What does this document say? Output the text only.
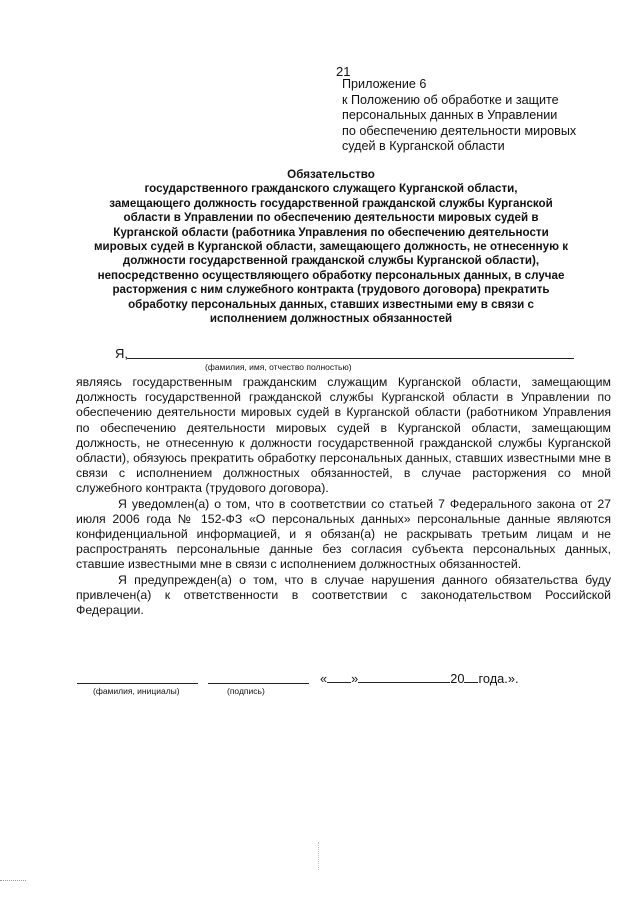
21
Приложение 6
к Положению об обработке и защите
персональных данных в Управлении
по обеспечению деятельности мировых
судей в Курганской области
Обязательство
государственного гражданского служащего Курганской области,
замещающего должность государственной гражданской службы Курганской
области в Управлении по обеспечению деятельности мировых судей в
Курганской области (работника Управления по обеспечению деятельности
мировых судей в Курганской области, замещающего должность, не отнесенную к
должности государственной гражданской службы Курганской области),
непосредственно осуществляющего обработку персональных данных, в случае
расторжения с ним служебного контракта (трудового договора) прекратить
обработку персональных данных, ставших известными ему в связи с
исполнением должностных обязанностей
Я,
(фамилия, имя, отчество полностью)

являясь государственным гражданским служащим Курганской области, замещающим должность государственной гражданской службы Курганской области в Управлении по обеспечению деятельности мировых судей в Курганской области (работником Управления по обеспечению деятельности мировых судей в Курганской области, замещающим должность, не отнесенную к должности государственной гражданской службы Курганской области), обязуюсь прекратить обработку персональных данных, ставших известными мне в связи с исполнением должностных обязанностей, в случае расторжения со мной служебного контракта (трудового договора).

Я уведомлен(а) о том, что в соответствии со статьей 7 Федерального закона от 27 июля 2006 года № 152-ФЗ «О персональных данных» персональные данные являются конфиденциальной информацией, и я обязан(а) не раскрывать третьим лицам и не распространять персональные данные без согласия субъекта персональных данных, ставшие известными мне в связи с исполнением должностных обязанностей.

Я предупрежден(а) о том, что в случае нарушения данного обязательства буду привлечен(а) к ответственности в соответствии с законодательством Российской Федерации.

(фамилия, инициалы)	(подпись)
« »	20 года.».
